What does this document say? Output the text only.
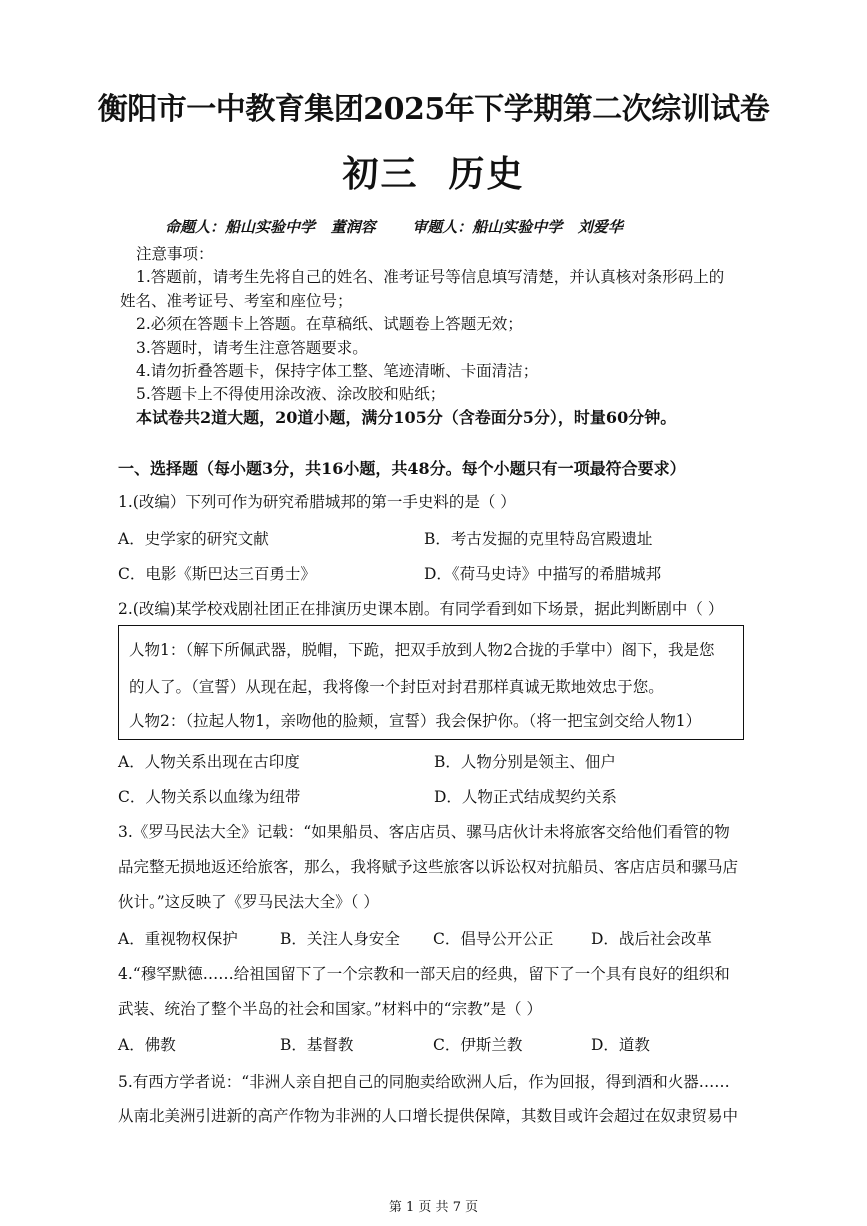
衡阳市一中教育集团2025年下学期第二次综训试卷
初三 历史
命题人：船山实验中学   董润容       审题人：船山实验中学   刘爱华
注意事项：
1.答题前，请考生先将自己的姓名、准考证号等信息填写清楚，并认真核对条形码上的
姓名、准考证号、考室和座位号；
2.必须在答题卡上答题。在草稿纸、试题卷上答题无效；
3.答题时，请考生注意答题要求。
4.请勿折叠答题卡，保持字体工整、笔迹清晰、卡面清洁；
5.答题卡上不得使用涂改液、涂改胶和贴纸；
本试卷共2道大题，20道小题，满分105分（含卷面分5分），时量60分钟。
一、选择题（每小题3分，共16小题，共48分。每个小题只有一项最符合要求）
1.(改编）下列可作为研究希腊城邦的第一手史料的是（ ）
A．史学家的研究文献	B．考古发掘的克里特岛宫殿遗址
C．电影《斯巴达三百勇士》	D．《荷马史诗》中描写的希腊城邦
2.(改编)某学校戏剧社团正在排演历史课本剧。有同学看到如下场景，据此判断剧中（ ）
人物1：（解下所佩武器，脱帽，下跪，把双手放到人物2合拢的手掌中）阁下，我是您
的人了。（宣誓）从现在起，我将像一个封臣对封君那样真诚无欺地效忠于您。
人物2：（拉起人物1，亲吻他的脸颊，宣誓）我会保护你。（将一把宝剑交给人物1）
A．人物关系出现在古印度	B．人物分别是领主、佃户
C．人物关系以血缘为纽带	D．人物正式结成契约关系
3.《罗马民法大全》记载：“如果船员、客店店员、骡马店伙计未将旅客交给他们看管的物
品完整无损地返还给旅客，那么，我将赋予这些旅客以诉讼权对抗船员、客店店员和骡马店
伙计。”这反映了《罗马民法大全》（ ）
A．重视物权保护	B．关注人身安全 C．倡导公开公正 D．战后社会改革
4.“穆罕默德……给祖国留下了一个宗教和一部天启的经典，留下了一个具有良好的组织和
武装、统治了整个半岛的社会和国家。”材料中的“宗教”是（ ）
A．佛教	B．基督教	C．伊斯兰教	D．道教
5.有西方学者说：“非洲人亲自把自己的同胞卖给欧洲人后，作为回报，得到酒和火器……
从南北美洲引进新的高产作物为非洲的人口增长提供保障，其数目或许会超过在奴隶贸易中
第 1 页 共 7 页
